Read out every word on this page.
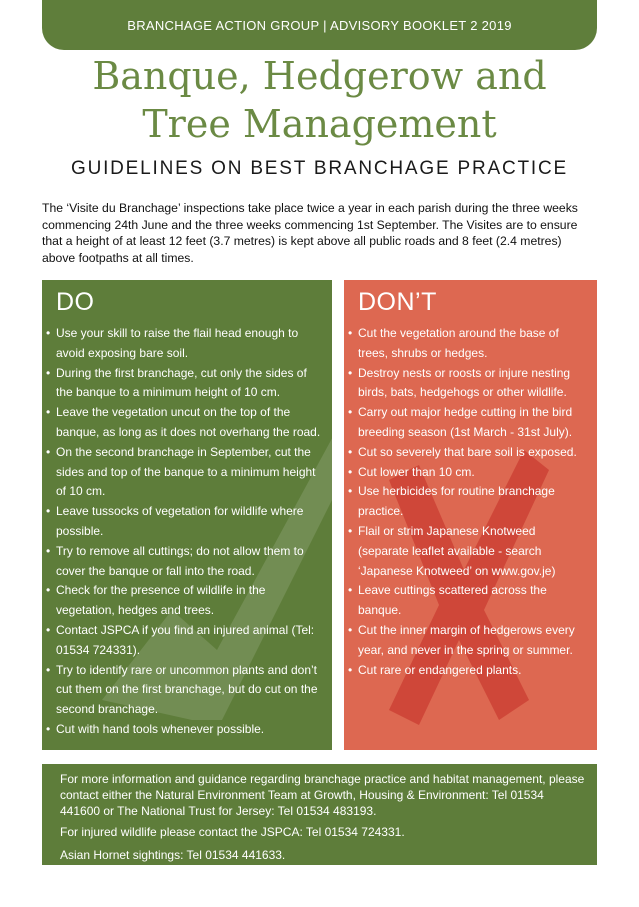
BRANCHAGE ACTION GROUP | ADVISORY BOOKLET 2 2019
Banque, Hedgerow and
Tree Management
GUIDELINES ON BEST BRANCHAGE PRACTICE
The ‘Visite du Branchage’ inspections take place twice a year in each parish during the three weeks commencing 24th June and the three weeks commencing 1st September. The Visites are to ensure that a height of at least 12 feet (3.7 metres) is kept above all public roads and 8 feet (2.4 metres) above footpaths at all times.
DO
• Use your skill to raise the flail head enough to avoid exposing bare soil.
• During the first branchage, cut only the sides of the banque to a minimum height of 10 cm.
• Leave the vegetation uncut on the top of the banque, as long as it does not overhang the road.
• On the second branchage in September, cut the sides and top of the banque to a minimum height of 10 cm.
• Leave tussocks of vegetation for wildlife where possible.
• Try to remove all cuttings; do not allow them to cover the banque or fall into the road.
• Check for the presence of wildlife in the vegetation, hedges and trees.
• Contact JSPCA if you find an injured animal (Tel: 01534 724331).
• Try to identify rare or uncommon plants and don’t cut them on the first branchage, but do cut on the second branchage.
• Cut with hand tools whenever possible.
DON’T
• Cut the vegetation around the base of trees, shrubs or hedges.
• Destroy nests or roosts or injure nesting birds, bats, hedgehogs or other wildlife.
• Carry out major hedge cutting in the bird breeding season (1st March - 31st July).
• Cut so severely that bare soil is exposed.
• Cut lower than 10 cm.
• Use herbicides for routine branchage practice.
• Flail or strim Japanese Knotweed (separate leaflet available - search ‘Japanese Knotweed’ on www.gov.je)
• Leave cuttings scattered across the banque.
• Cut the inner margin of hedgerows every year, and never in the spring or summer.
• Cut rare or endangered plants.

For more information and guidance regarding branchage practice and habitat management, please contact either the Natural Environment Team at Growth, Housing & Environment: Tel 01534 441600 or The National Trust for Jersey: Tel 01534 483193.

For injured wildlife please contact the JSPCA: Tel 01534 724331.

Asian Hornet sightings: Tel 01534 441633.
